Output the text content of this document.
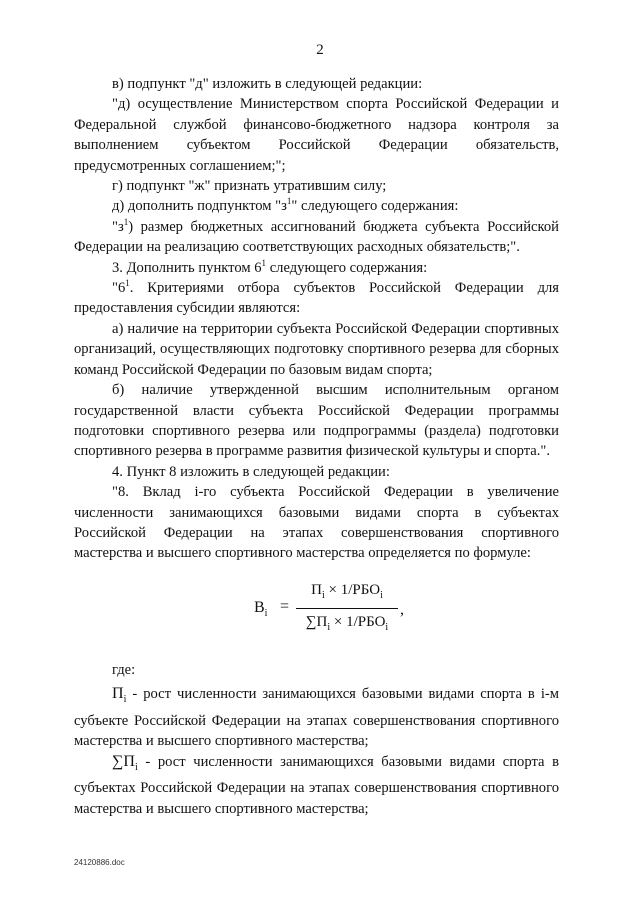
2

в) подпункт "д" изложить в следующей редакции:

"д) осуществление Министерством спорта Российской Федерации и Федеральной службой финансово-бюджетного надзора контроля за выполнением субъектом Российской Федерации обязательств, предусмотренных соглашением;";

г) подпункт "ж" признать утратившим силу;

д) дополнить подпунктом "$з^1$" следующего содержания:

"$з^1$) размер бюджетных ассигнований бюджета субъекта Российской Федерации на реализацию соответствующих расходных обязательств;".

3. Дополнить пунктом $6^1$ следующего содержания:

"$6^1$. Критериями отбора субъектов Российской Федерации для предоставления субсидии являются:

а) наличие на территории субъекта Российской Федерации спортивных организаций, осуществляющих подготовку спортивного резерва для сборных команд Российской Федерации по базовым видам спорта;

б) наличие утвержденной высшим исполнительным органом государственной власти субъекта Российской Федерации программы подготовки спортивного резерва или подпрограммы (раздела) подготовки спортивного резерва в программе развития физической культуры и спорта.".

4. Пункт 8 изложить в следующей редакции:

"8. Вклад i-го субъекта Российской Федерации в увеличение численности занимающихся базовыми видами спорта в субъектах Российской Федерации на этапах совершенствования спортивного мастерства и высшего спортивного мастерства определяется по формуле:

$B_i$ =
$П_i \times 1/РБО_i$
$\sum П_i \times 1/РБО_i$
,

где:

$П_i$ - рост численности занимающихся базовыми видами спорта в i-м субъекте Российской Федерации на этапах совершенствования спортивного мастерства и высшего спортивного мастерства;

$\sum П_i$ - рост численности занимающихся базовыми видами спорта в субъектах Российской Федерации на этапах совершенствования спортивного мастерства и высшего спортивного мастерства;

24120886.doc
